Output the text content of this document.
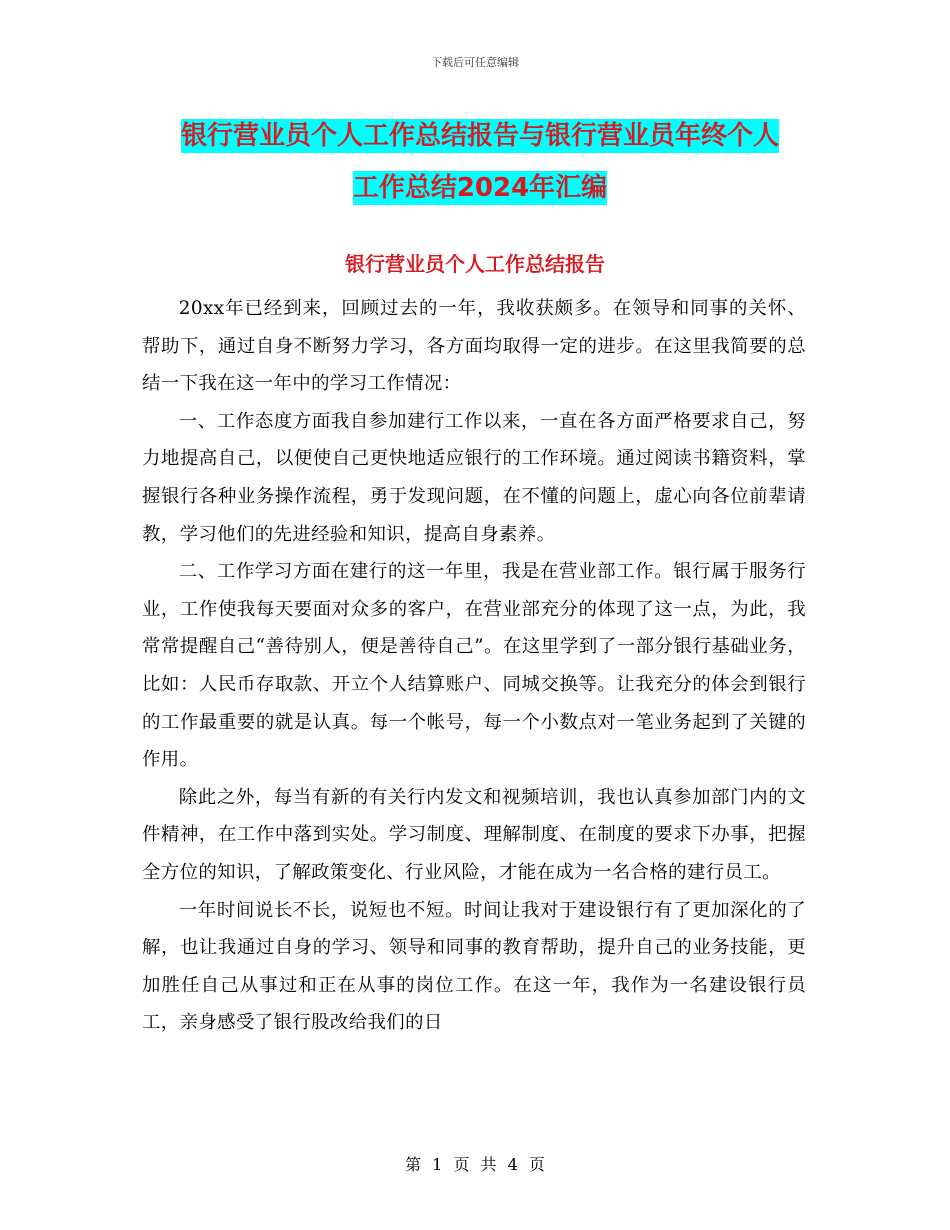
下载后可任意编辑
银行营业员个人工作总结报告与银行营业员年终个人
工作总结2024年汇编
银行营业员个人工作总结报告

20xx年已经到来，回顾过去的一年，我收获颇多。在领导和同事的关怀、帮助下，通过自身不断努力学习，各方面均取得一定的进步。在这里我简要的总结一下我在这一年中的学习工作情况：

一、工作态度方面我自参加建行工作以来，一直在各方面严格要求自己，努力地提高自己，以便使自己更快地适应银行的工作环境。通过阅读书籍资料，掌握银行各种业务操作流程，勇于发现问题，在不懂的问题上，虚心向各位前辈请教，学习他们的先进经验和知识，提高自身素养。

二、工作学习方面在建行的这一年里，我是在营业部工作。银行属于服务行业，工作使我每天要面对众多的客户，在营业部充分的体现了这一点，为此，我常常提醒自己“善待别人，便是善待自己”。在这里学到了一部分银行基础业务，比如：人民币存取款、开立个人结算账户、同城交换等。让我充分的体会到银行的工作最重要的就是认真。每一个帐号，每一个小数点对一笔业务起到了关键的作用。

除此之外，每当有新的有关行内发文和视频培训，我也认真参加部门内的文件精神，在工作中落到实处。学习制度、理解制度、在制度的要求下办事，把握全方位的知识，了解政策变化、行业风险，才能在成为一名合格的建行员工。

一年时间说长不长，说短也不短。时间让我对于建设银行有了更加深化的了解，也让我通过自身的学习、领导和同事的教育帮助，提升自己的业务技能，更加胜任自己从事过和正在从事的岗位工作。在这一年，我作为一名建设银行员工，亲身感受了银行股改给我们的日

第 1 页 共 4 页
